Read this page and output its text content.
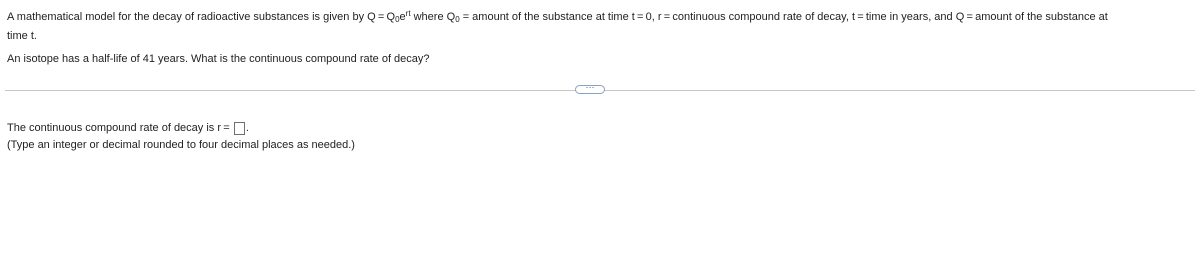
A mathematical model for the decay of radioactive substances is given by $Q = Q_0e^{rt}$ where $Q_0$ = amount of the substance at time t = 0, r = continuous compound rate of decay, t = time in years, and Q = amount of the substance at
time t.
An isotope has a half-life of 41 years. What is the continuous compound rate of decay?
···
The continuous compound rate of decay is r =  .
(Type an integer or decimal rounded to four decimal places as needed.)
